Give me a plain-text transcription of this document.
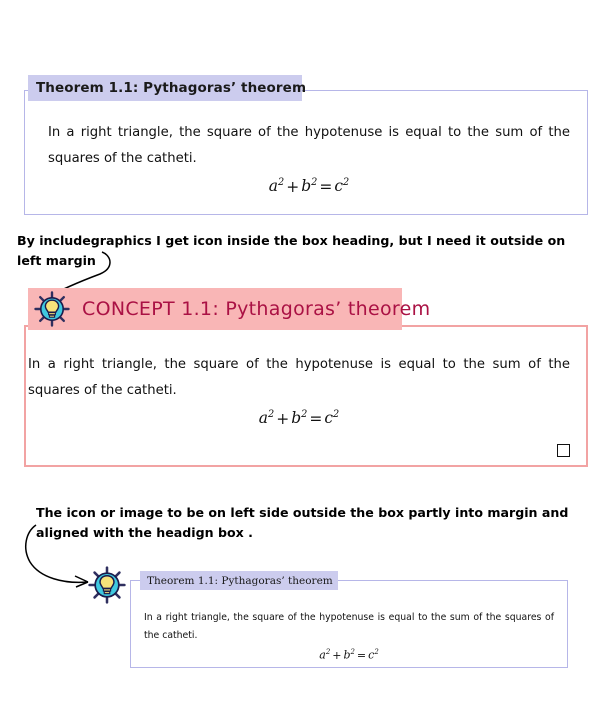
Theorem 1.1: Pythagoras’ theorem
In a right triangle, the square of the hypotenuse is equal to the sum of the squares of the catheti.
$a^2 + b^2 = c^2$
By includegraphics I get icon inside the box heading, but I need it outside on left margin
CONCEPT 1.1: Pythagoras’ theorem
In a right triangle, the square of the hypotenuse is equal to the sum of the squares of the catheti.
$a^2 + b^2 = c^2$
The icon or image to be on left side outside the box partly into margin and
aligned with the headign box .
Theorem 1.1: Pythagoras’ theorem
In a right triangle, the square of the hypotenuse is equal to the sum of the squares of the catheti.
$a^2 + b^2 = c^2$
